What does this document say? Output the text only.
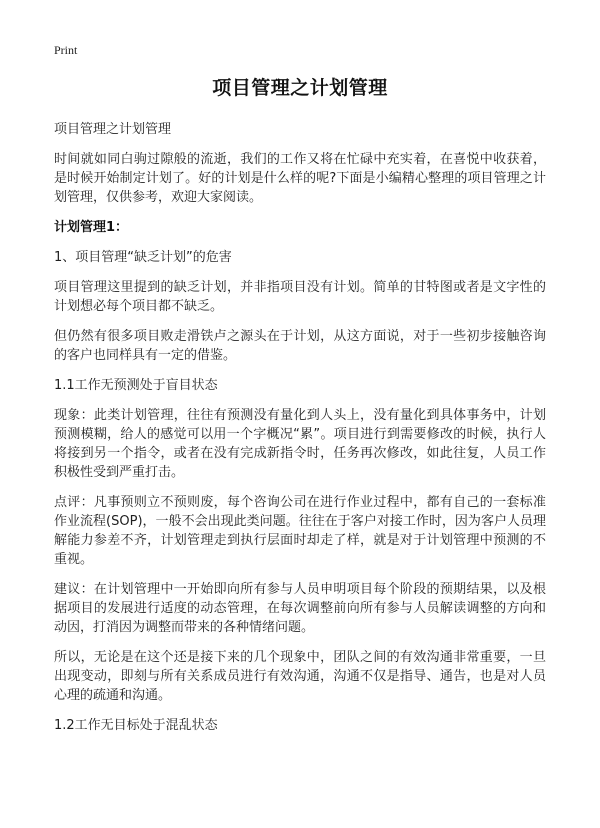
Print
项目管理之计划管理

项目管理之计划管理

时间就如同白驹过隙般的流逝，我们的工作又将在忙碌中充实着，在喜悦中收获着，是时候开始制定计划了。好的计划是什么样的呢?下面是小编精心整理的项目管理之计划管理，仅供参考，欢迎大家阅读。

计划管理1：
1、项目管理“缺乏计划”的危害

项目管理这里提到的缺乏计划，并非指项目没有计划。简单的甘特图或者是文字性的计划想必每个项目都不缺乏。

但仍然有很多项目败走滑铁卢之源头在于计划，从这方面说，对于一些初步接触咨询的客户也同样具有一定的借鉴。

1.1工作无预测处于盲目状态

现象：此类计划管理，往往有预测没有量化到人头上，没有量化到具体事务中，计划预测模糊，给人的感觉可以用一个字概况“累”。项目进行到需要修改的时候，执行人将接到另一个指令，或者在没有完成新指令时，任务再次修改，如此往复，人员工作积极性受到严重打击。

点评：凡事预则立不预则废，每个咨询公司在进行作业过程中，都有自己的一套标准作业流程(SOP)，一般不会出现此类问题。往往在于客户对接工作时，因为客户人员理解能力参差不齐，计划管理走到执行层面时却走了样，就是对于计划管理中预测的不重视。

建议：在计划管理中一开始即向所有参与人员申明项目每个阶段的预期结果，以及根据项目的发展进行适度的动态管理，在每次调整前向所有参与人员解读调整的方向和动因，打消因为调整而带来的各种情绪问题。

所以，无论是在这个还是接下来的几个现象中，团队之间的有效沟通非常重要，一旦出现变动，即刻与所有关系成员进行有效沟通，沟通不仅是指导、通告，也是对人员心理的疏通和沟通。

1.2工作无目标处于混乱状态
